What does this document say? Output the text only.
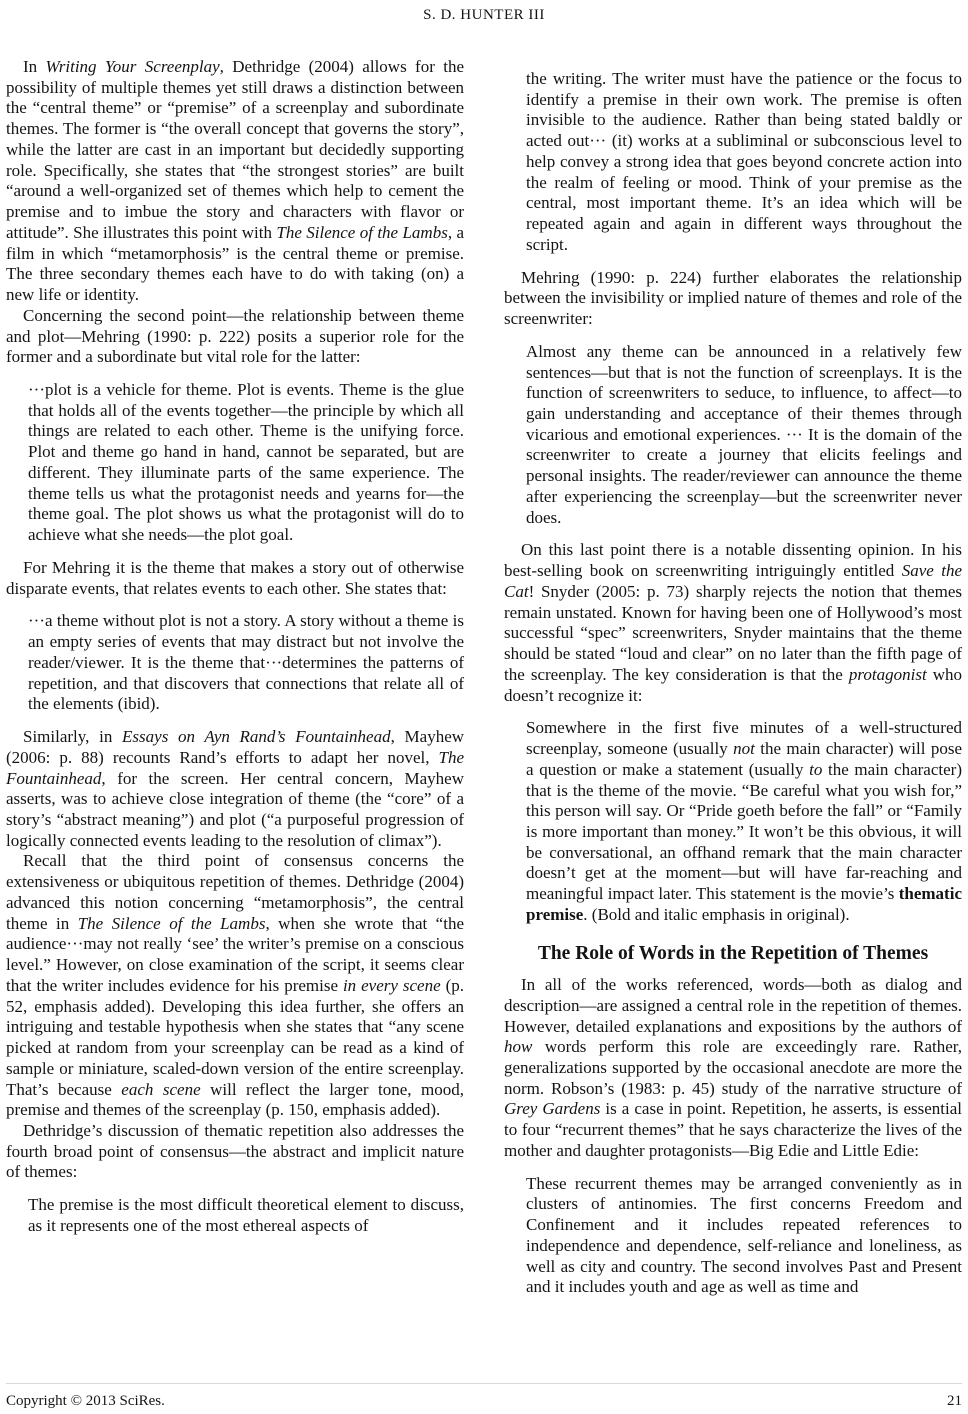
S. D. HUNTER III

In Writing Your Screenplay, Dethridge (2004) allows for the possibility of multiple themes yet still draws a distinction between the “central theme” or “premise” of a screenplay and subordinate themes. The former is “the overall concept that governs the story”, while the latter are cast in an important but decidedly supporting role. Specifically, she states that “the strongest stories” are built “around a well-organized set of themes which help to cement the premise and to imbue the story and characters with flavor or attitude”. She illustrates this point with The Silence of the Lambs, a film in which “metamorphosis” is the central theme or premise. The three secondary themes each have to do with taking (on) a new life or identity.

Concerning the second point—the relationship between theme and plot—Mehring (1990: p. 222) posits a superior role for the former and a subordinate but vital role for the latter:

···plot is a vehicle for theme. Plot is events. Theme is the glue that holds all of the events together—the principle by which all things are related to each other. Theme is the unifying force. Plot and theme go hand in hand, cannot be separated, but are different. They illuminate parts of the same experience. The theme tells us what the protagonist needs and yearns for—the theme goal. The plot shows us what the protagonist will do to achieve what she needs—the plot goal.

For Mehring it is the theme that makes a story out of otherwise disparate events, that relates events to each other. She states that:

···a theme without plot is not a story. A story without a theme is an empty series of events that may distract but not involve the reader/viewer. It is the theme that···determines the patterns of repetition, and that discovers that connections that relate all of the elements (ibid).

Similarly, in Essays on Ayn Rand’s Fountainhead, Mayhew (2006: p. 88) recounts Rand’s efforts to adapt her novel, The Fountainhead, for the screen. Her central concern, Mayhew asserts, was to achieve close integration of theme (the “core” of a story’s “abstract meaning”) and plot (“a purposeful progression of logically connected events leading to the resolution of climax”).

Recall that the third point of consensus concerns the extensiveness or ubiquitous repetition of themes. Dethridge (2004) advanced this notion concerning “metamorphosis”, the central theme in The Silence of the Lambs, when she wrote that “the audience···may not really ‘see’ the writer’s premise on a conscious level.” However, on close examination of the script, it seems clear that the writer includes evidence for his premise in every scene (p. 52, emphasis added). Developing this idea further, she offers an intriguing and testable hypothesis when she states that “any scene picked at random from your screenplay can be read as a kind of sample or miniature, scaled-down version of the entire screenplay. That’s because each scene will reflect the larger tone, mood, premise and themes of the screenplay (p. 150, emphasis added).

Dethridge’s discussion of thematic repetition also addresses the fourth broad point of consensus—the abstract and implicit nature of themes:

The premise is the most difficult theoretical element to discuss, as it represents one of the most ethereal aspects of
the writing. The writer must have the patience or the focus to identify a premise in their own work. The premise is often invisible to the audience. Rather than being stated baldly or acted out··· (it) works at a subliminal or subconscious level to help convey a strong idea that goes beyond concrete action into the realm of feeling or mood. Think of your premise as the central, most important theme. It’s an idea which will be repeated again and again in different ways throughout the script.

Mehring (1990: p. 224) further elaborates the relationship between the invisibility or implied nature of themes and role of the screenwriter:

Almost any theme can be announced in a relatively few sentences—but that is not the function of screenplays. It is the function of screenwriters to seduce, to influence, to affect—to gain understanding and acceptance of their themes through vicarious and emotional experiences. ··· It is the domain of the screenwriter to create a journey that elicits feelings and personal insights. The reader/reviewer can announce the theme after experiencing the screenplay—but the screenwriter never does.

On this last point there is a notable dissenting opinion. In his best-selling book on screenwriting intriguingly entitled Save the Cat! Snyder (2005: p. 73) sharply rejects the notion that themes remain unstated. Known for having been one of Hollywood’s most successful “spec” screenwriters, Snyder maintains that the theme should be stated “loud and clear” on no later than the fifth page of the screenplay. The key consideration is that the protagonist who doesn’t recognize it:

Somewhere in the first five minutes of a well-structured screenplay, someone (usually not the main character) will pose a question or make a statement (usually to the main character) that is the theme of the movie. “Be careful what you wish for,” this person will say. Or “Pride goeth before the fall” or “Family is more important than money.” It won’t be this obvious, it will be conversational, an offhand remark that the main character doesn’t get at the moment—but will have far-reaching and meaningful impact later. This statement is the movie’s thematic premise. (Bold and italic emphasis in original).
The Role of Words in the Repetition of Themes

In all of the works referenced, words—both as dialog and description—are assigned a central role in the repetition of themes. However, detailed explanations and expositions by the authors of how words perform this role are exceedingly rare. Rather, generalizations supported by the occasional anecdote are more the norm. Robson’s (1983: p. 45) study of the narrative structure of Grey Gardens is a case in point. Repetition, he asserts, is essential to four “recurrent themes” that he says characterize the lives of the mother and daughter protagonists—Big Edie and Little Edie:

These recurrent themes may be arranged conveniently as in clusters of antinomies. The first concerns Freedom and Confinement and it includes repeated references to independence and dependence, self-reliance and loneliness, as well as city and country. The second involves Past and Present and it includes youth and age as well as time and
Copyright © 2013 SciRes.	21
